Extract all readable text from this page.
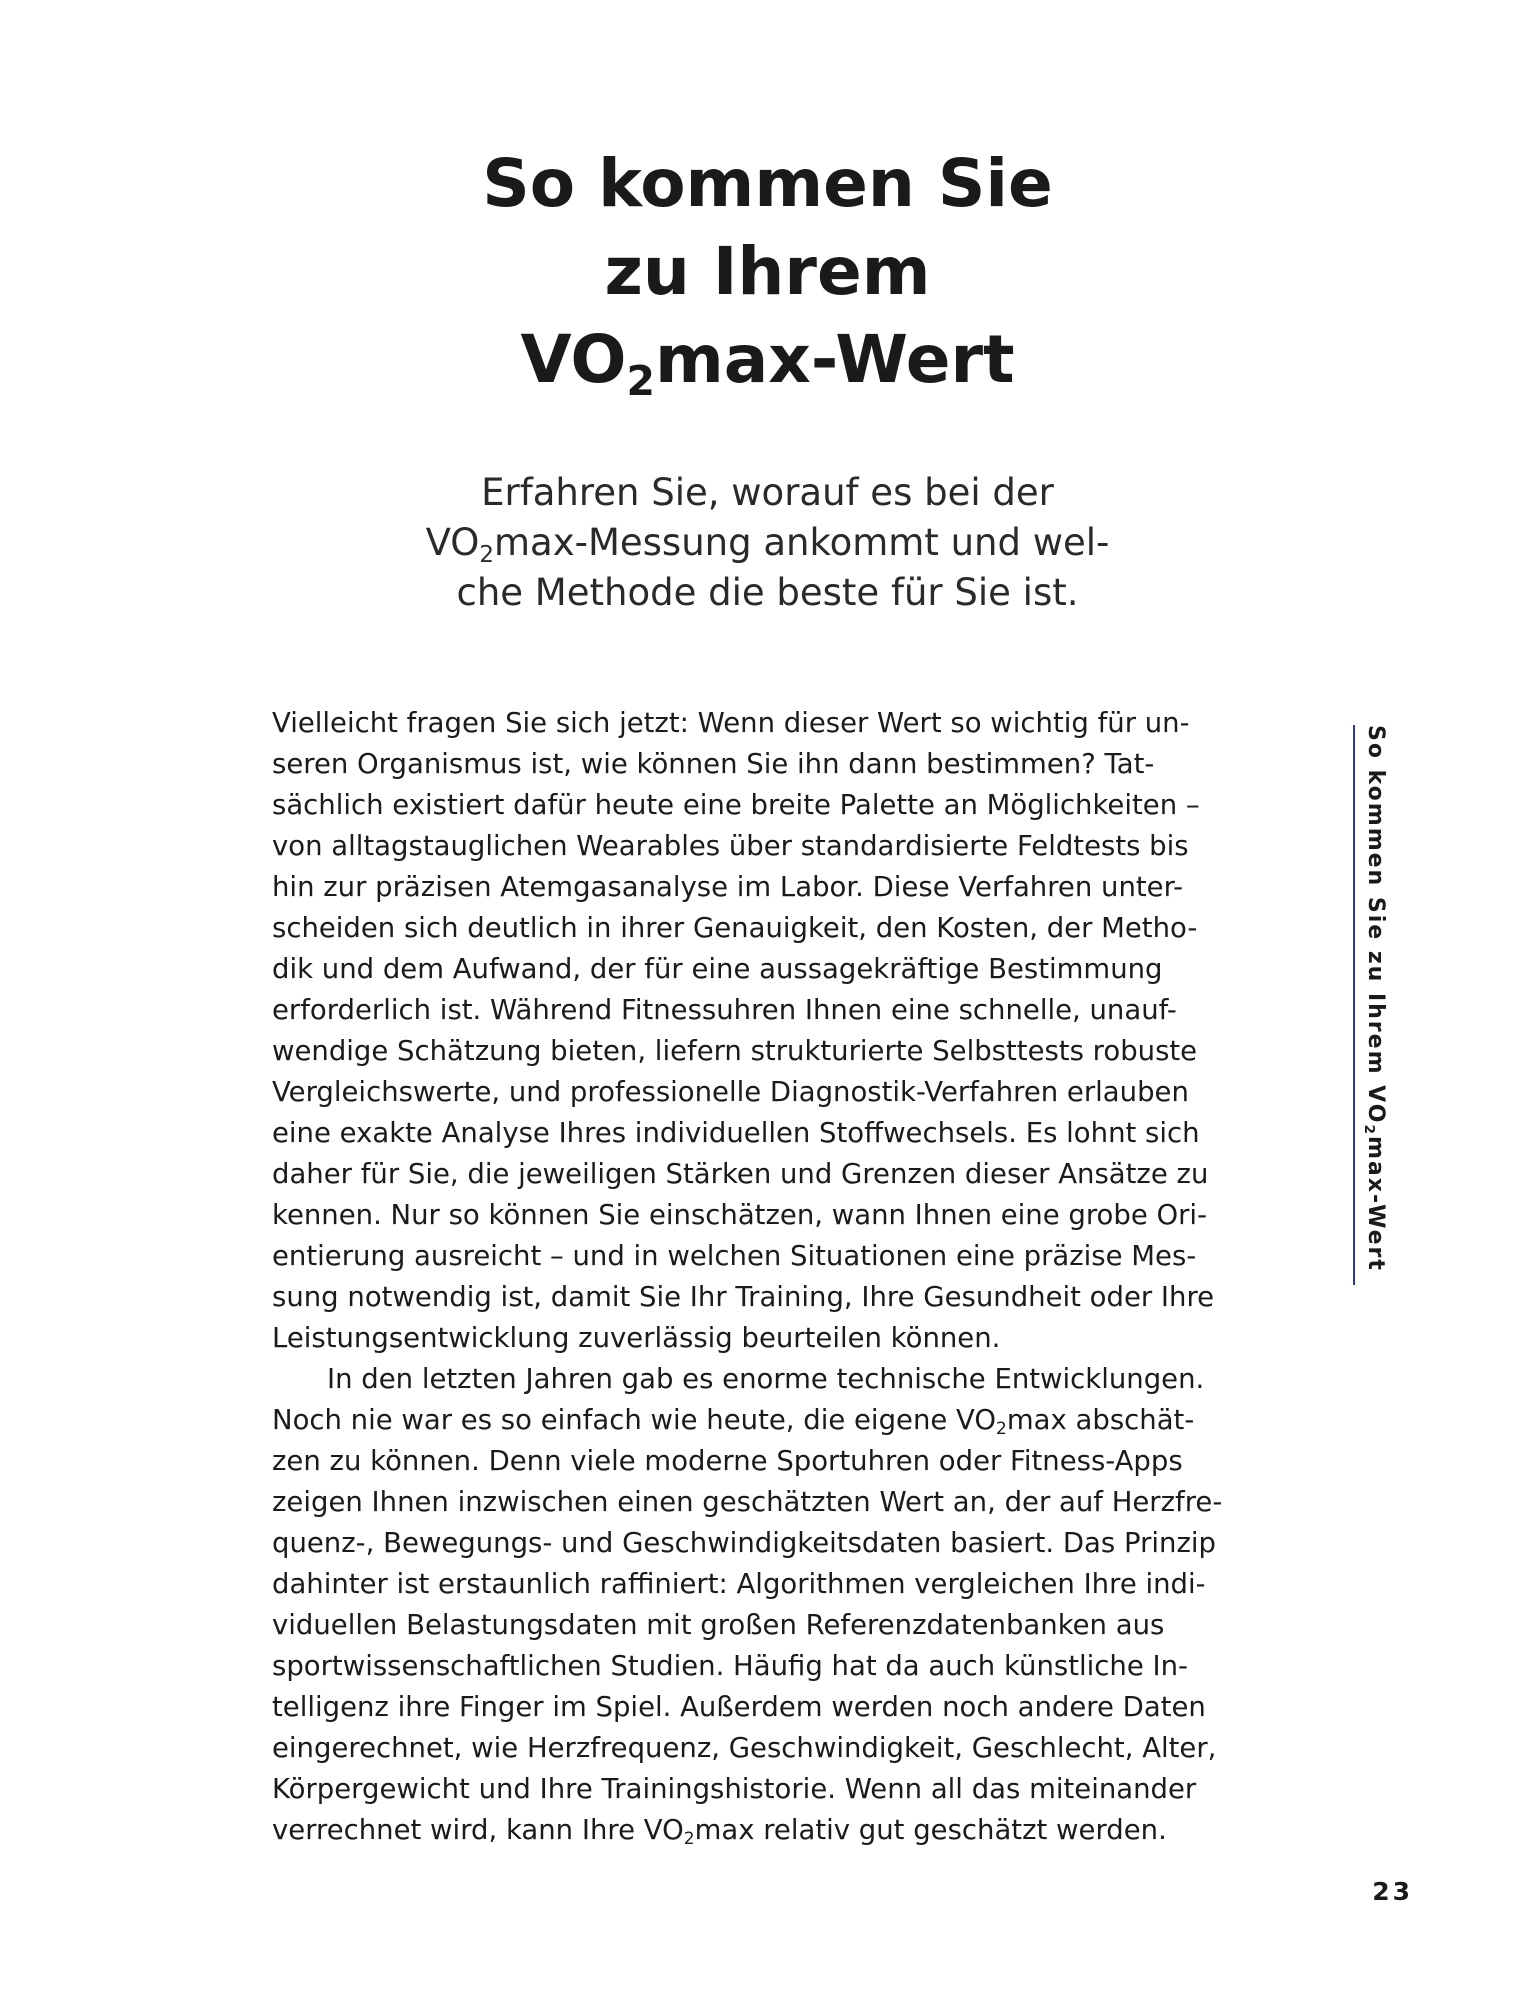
So kommen Sie
zu Ihrem
$VO_2\max$-Wert
Erfahren Sie, worauf es bei der
$VO_2\max$-Messung ankommt und wel-
che Methode die beste für Sie ist.
Vielleicht fragen Sie sich jetzt: Wenn dieser Wert so wichtig für un-
seren Organismus ist, wie können Sie ihn dann bestimmen? Tat-
sächlich existiert dafür heute eine breite Palette an Möglichkeiten –
von alltagstauglichen Wearables über standardisierte Feldtests bis
hin zur präzisen Atemgasanalyse im Labor. Diese Verfahren unter-
scheiden sich deutlich in ihrer Genauigkeit, den Kosten, der Metho-
dik und dem Aufwand, der für eine aussagekräftige Bestimmung
erforderlich ist. Während Fitnessuhren Ihnen eine schnelle, unauf-
wendige Schätzung bieten, liefern strukturierte Selbsttests robuste
Vergleichswerte, und professionelle Diagnostik-Verfahren erlauben
eine exakte Analyse Ihres individuellen Stoffwechsels. Es lohnt sich
daher für Sie, die jeweiligen Stärken und Grenzen dieser Ansätze zu
kennen. Nur so können Sie einschätzen, wann Ihnen eine grobe Ori-
entierung ausreicht – und in welchen Situationen eine präzise Mes-
sung notwendig ist, damit Sie Ihr Training, Ihre Gesundheit oder Ihre
Leistungsentwicklung zuverlässig beurteilen können.
In den letzten Jahren gab es enorme technische Entwicklungen.
Noch nie war es so einfach wie heute, die eigene $VO_2\max$ abschät-
zen zu können. Denn viele moderne Sportuhren oder Fitness-Apps
zeigen Ihnen inzwischen einen geschätzten Wert an, der auf Herzfre-
quenz-, Bewegungs- und Geschwindigkeitsdaten basiert. Das Prinzip
dahinter ist erstaunlich raffiniert: Algorithmen vergleichen Ihre indi-
viduellen Belastungsdaten mit großen Referenzdatenbanken aus
sportwissenschaftlichen Studien. Häufig hat da auch künstliche In-
telligenz ihre Finger im Spiel. Außerdem werden noch andere Daten
eingerechnet, wie Herzfrequenz, Geschwindigkeit, Geschlecht, Alter,
Körpergewicht und Ihre Trainingshistorie. Wenn all das miteinander
verrechnet wird, kann Ihre $VO_2\max$ relativ gut geschätzt werden.
So kommen Sie zu Ihrem $VO_2\max$-Wert
23
